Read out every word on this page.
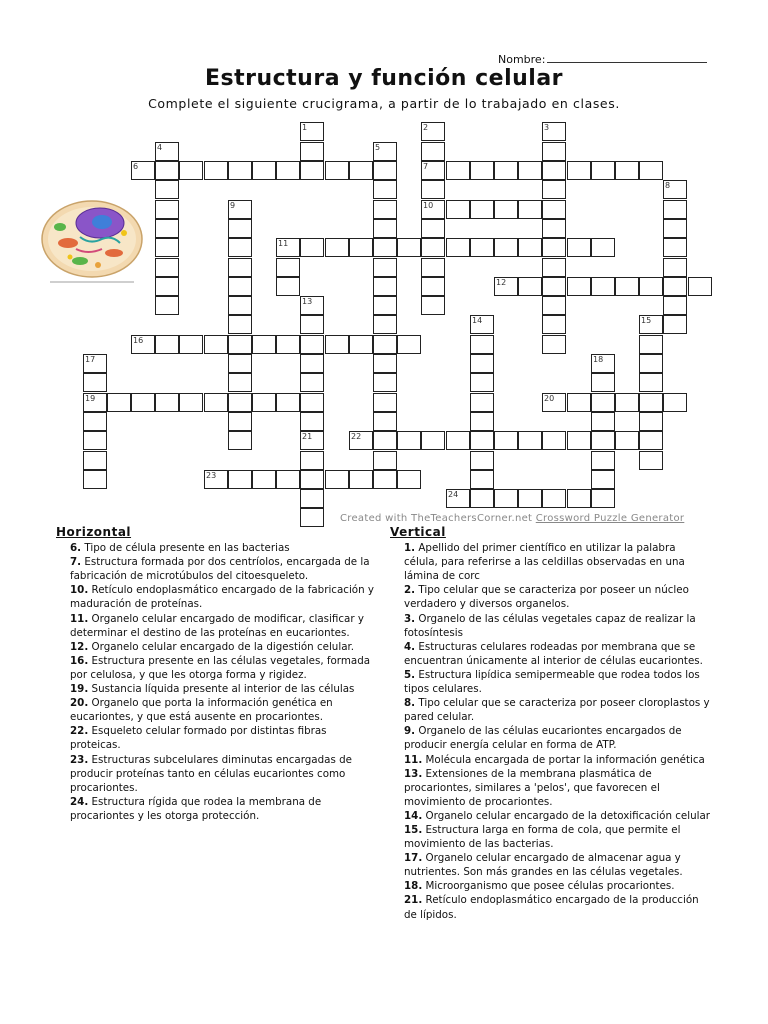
Nombre:
Estructura y función celular
Complete el siguiente crucigrama, a partir de lo trabajado en clases.
1	2	3
4	5
6	7
8
9	10
11
12
13
14	15
16
17	18
19	20
21	22
23
24
Created with TheTeachersCorner.net Crossword Puzzle Generator
Horizontal
6. Tipo de célula presente en las bacterias
7. Estructura formada por dos centríolos, encargada de la fabricación de microtúbulos del citoesqueleto.
10. Retículo endoplasmático encargado de la fabricación y maduración de proteínas.
11. Organelo celular encargado de modificar, clasificar y determinar el destino de las proteínas en eucariontes.
12. Organelo celular encargado de la digestión celular.
16. Estructura presente en las células vegetales, formada por celulosa, y que les otorga forma y rigidez.
19. Sustancia líquida presente al interior de las células
20. Organelo que porta la información genética en eucariontes, y que está ausente en procariontes.
22. Esqueleto celular formado por distintas fibras proteicas.
23. Estructuras subcelulares diminutas encargadas de producir proteínas tanto en células eucariontes como procariontes.
24. Estructura rígida que rodea la membrana de procariontes y les otorga protección.
Vertical
1. Apellido del primer científico en utilizar la palabra célula, para referirse a las celdillas observadas en una lámina de corc
2. Tipo celular que se caracteriza por poseer un núcleo verdadero y diversos organelos.
3. Organelo de las células vegetales capaz de realizar la fotosíntesis
4. Estructuras celulares rodeadas por membrana que se encuentran únicamente al interior de células eucariontes.
5. Estructura lipídica semipermeable que rodea todos los tipos celulares.
8. Tipo celular que se caracteriza por poseer cloroplastos y pared celular.
9. Organelo de las células eucariontes encargados de producir energía celular en forma de ATP.
11. Molécula encargada de portar la información genética
13. Extensiones de la membrana plasmática de procariontes, similares a 'pelos', que favorecen el movimiento de procariontes.
14. Organelo celular encargado de la detoxificación celular
15. Estructura larga en forma de cola, que permite el movimiento de las bacterias.
17. Organelo celular encargado de almacenar agua y nutrientes. Son más grandes en las células vegetales.
18. Microorganismo que posee células procariontes.
21. Retículo endoplasmático encargado de la producción de lípidos.
